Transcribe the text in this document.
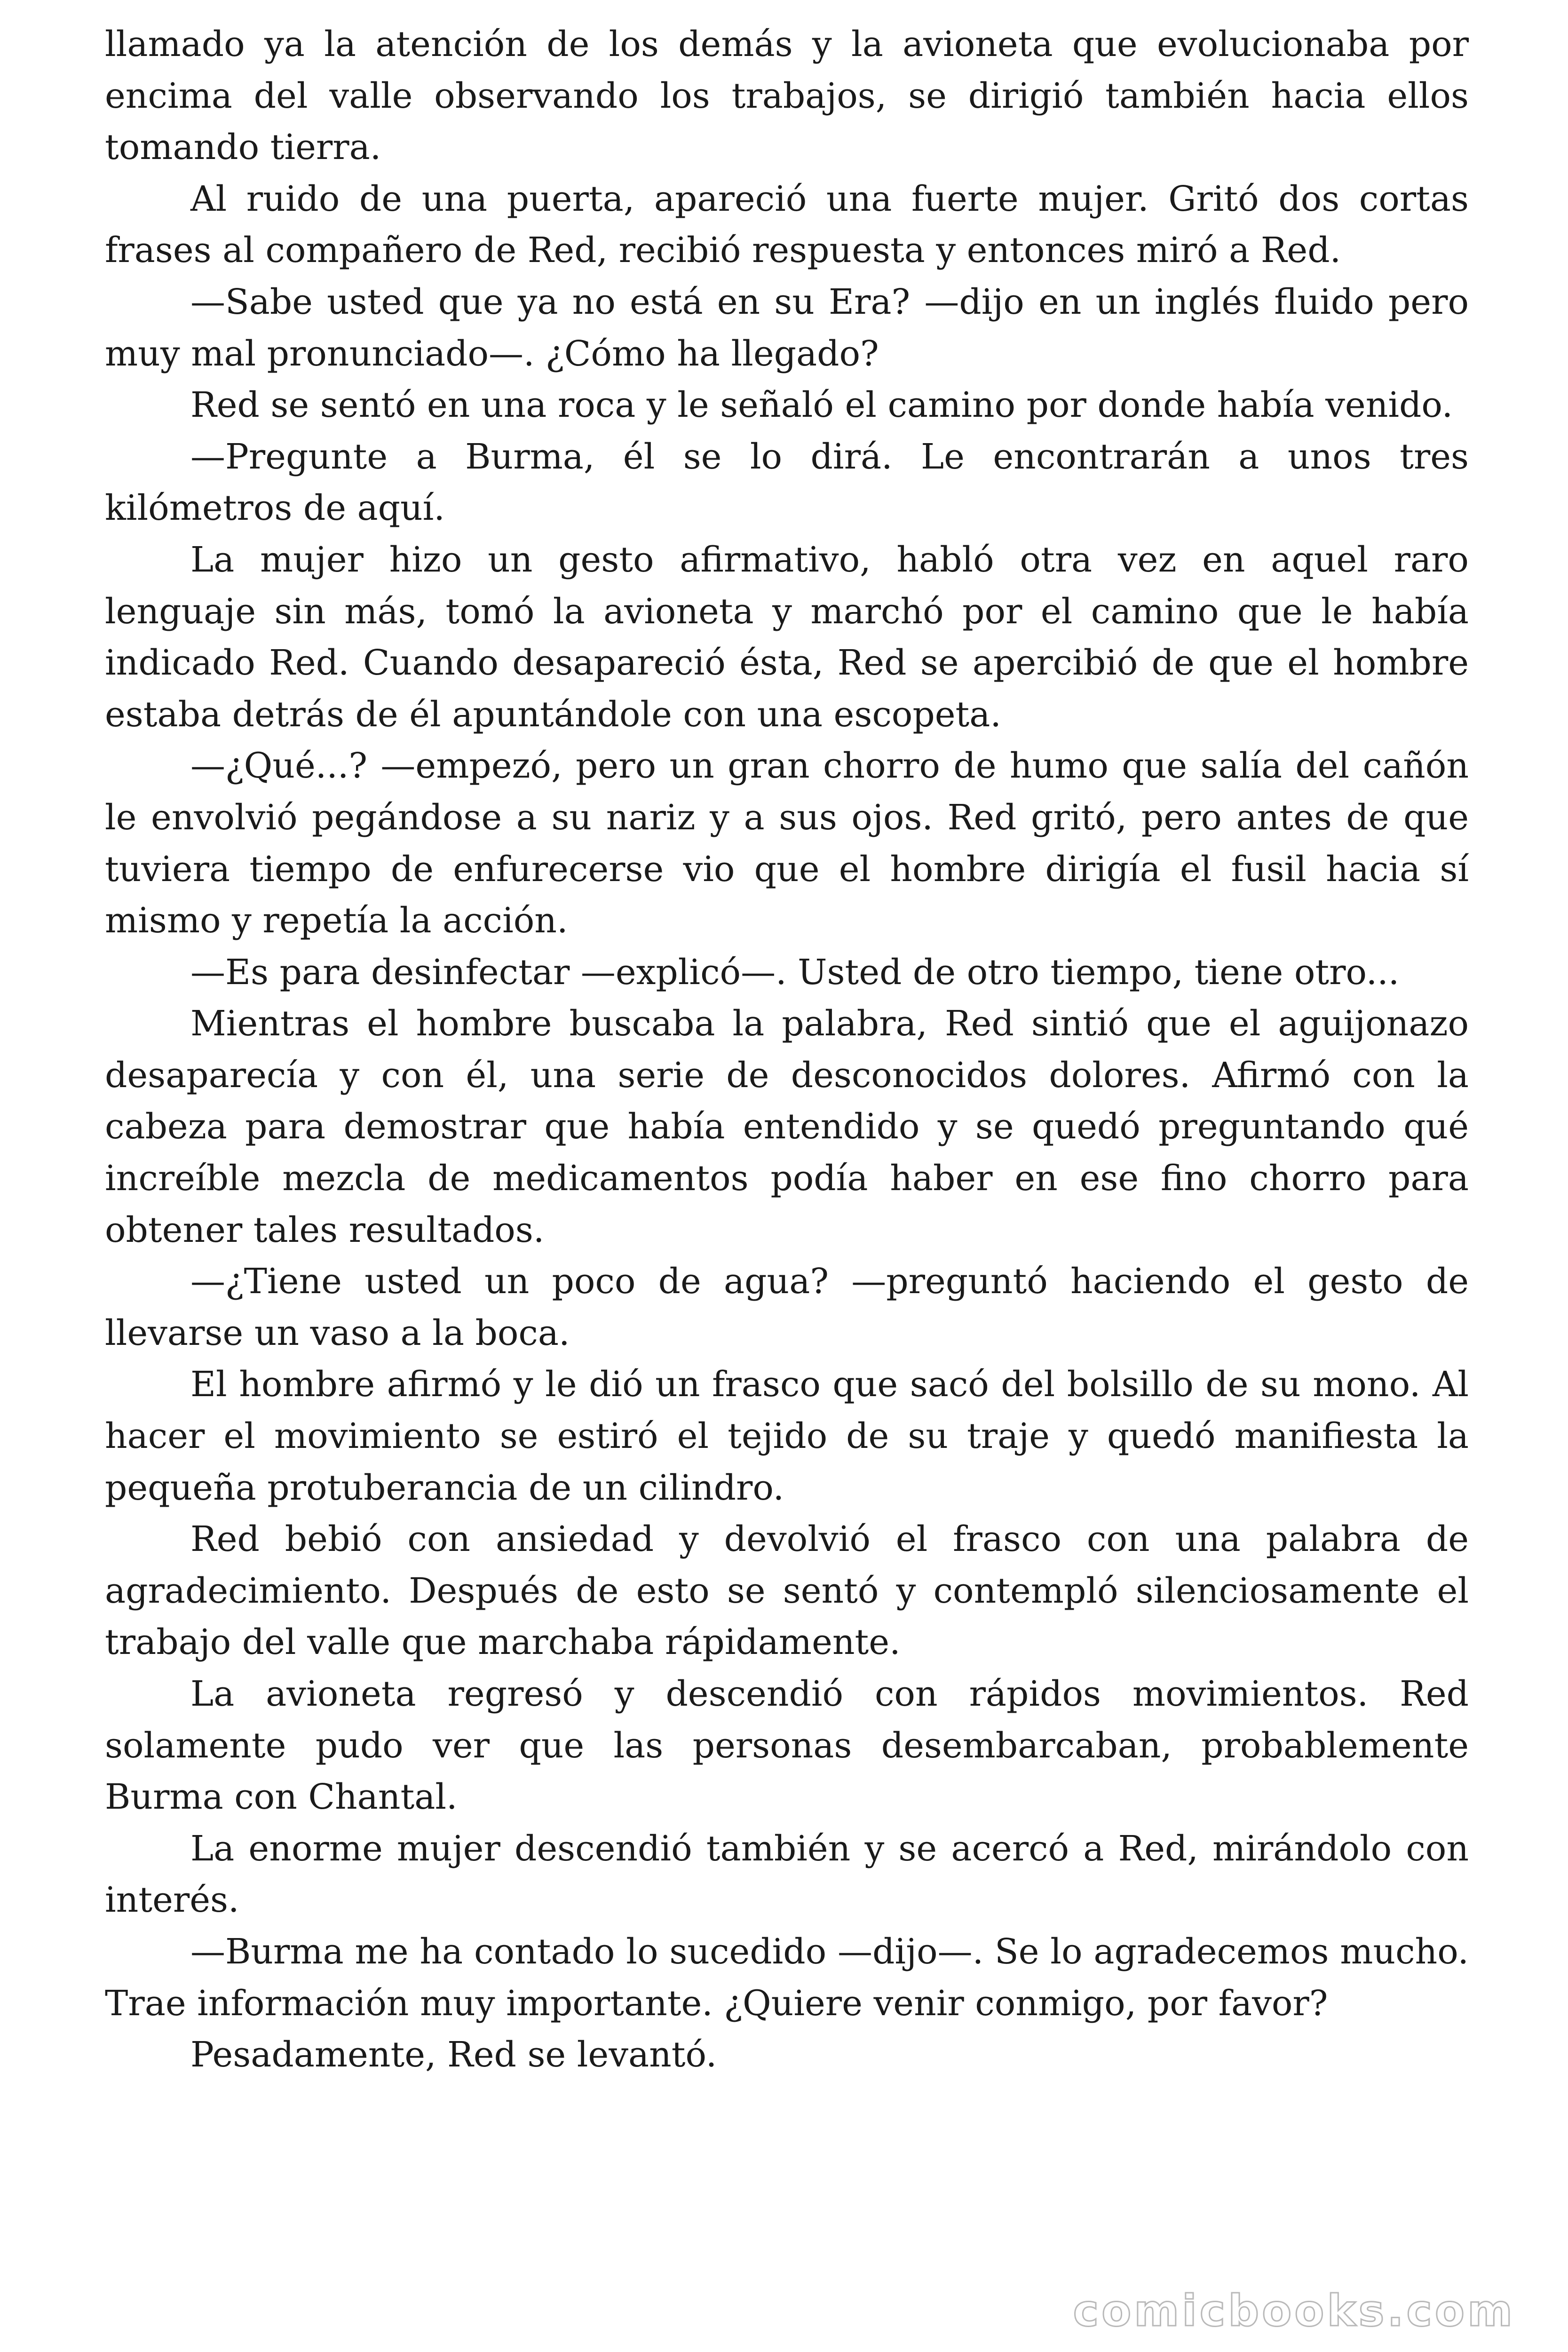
llamado ya la atención de los demás y la avioneta que evolucionaba por encima del valle observando los trabajos, se dirigió también hacia ellos tomando tierra.

Al ruido de una puerta, apareció una fuerte mujer. Gritó dos cortas frases al compañero de Red, recibió respuesta y entonces miró a Red.

—Sabe usted que ya no está en su Era? —dijo en un inglés fluido pero muy mal pronunciado—. ¿Cómo ha llegado?

Red se sentó en una roca y le señaló el camino por donde había venido.

—Pregunte a Burma, él se lo dirá. Le encontrarán a unos tres kilómetros de aquí.

La mujer hizo un gesto afirmativo, habló otra vez en aquel raro lenguaje sin más, tomó la avioneta y marchó por el camino que le había indicado Red. Cuando desapareció ésta, Red se apercibió de que el hombre estaba detrás de él apuntándole con una escopeta.

—¿Qué...? —empezó, pero un gran chorro de humo que salía del cañón le envolvió pegándose a su nariz y a sus ojos. Red gritó, pero antes de que tuviera tiempo de enfurecerse vio que el hombre dirigía el fusil hacia sí mismo y repetía la acción.

—Es para desinfectar —explicó—. Usted de otro tiempo, tiene otro...

Mientras el hombre buscaba la palabra, Red sintió que el aguijonazo desaparecía y con él, una serie de desconocidos dolores. Afirmó con la cabeza para demostrar que había entendido y se quedó preguntando qué increíble mezcla de medicamentos podía haber en ese fino chorro para obtener tales resultados.

—¿Tiene usted un poco de agua? —preguntó haciendo el gesto de llevarse un vaso a la boca.

El hombre afirmó y le dió un frasco que sacó del bolsillo de su mono. Al hacer el movimiento se estiró el tejido de su traje y quedó manifiesta la pequeña protuberancia de un cilindro.

Red bebió con ansiedad y devolvió el frasco con una palabra de agradecimiento. Después de esto se sentó y contempló silenciosamente el trabajo del valle que marchaba rápidamente.

La avioneta regresó y descendió con rápidos movimientos. Red solamente pudo ver que las personas desembarcaban, probablemente Burma con Chantal.

La enorme mujer descendió también y se acercó a Red, mirándolo con interés.

—Burma me ha contado lo sucedido —dijo—. Se lo agradecemos mucho. Trae información muy importante. ¿Quiere venir conmigo, por favor?

Pesadamente, Red se levantó.

comicbooks.com
